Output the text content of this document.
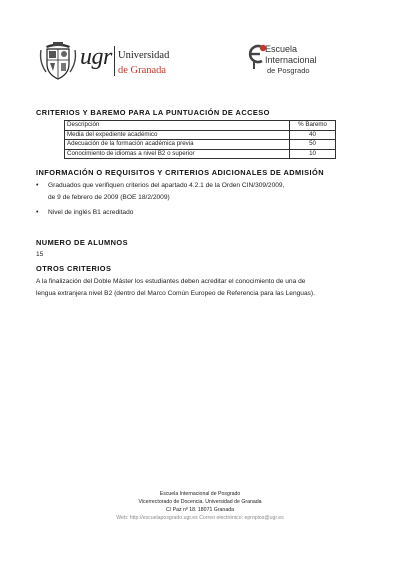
ugr Universidad
de Granada
Escuela
Internacional
de Posgrado
CRITERIOS Y BAREMO PARA LA PUNTUACIÓN DE ACCESO
Descripción	% Baremo
Media del expediente académico	40
Adecuación de la formación académica previa	50
Conocimiento de idiomas a nivel B2 o superior	10
INFORMACIÓN O REQUISITOS Y CRITERIOS ADICIONALES DE ADMISIÓN
•	Graduados que verifiquen criterios del apartado 4.2.1 de la Orden CIN/309/2009,
de 9 de febrero de 2009 (BOE 18/2/2009)
•	Nivel de inglés B1 acreditado
NUMERO DE ALUMNOS
15
OTROS CRITERIOS
A la finalización del Doble Máster los estudiantes deben acreditar el conocimiento de una de
lengua extranjera nivel B2 (dentro del Marco Común Europeo de Referencia para las Lenguas).
Escuela Internacional de Posgrado
Vicerrectorado de Docencia. Universidad de Granada
C/ Paz nº 18. 18071 Granada
Web: http://escuelaposgrado.ugr.es Correo electrónico: epropios@ugr.es
